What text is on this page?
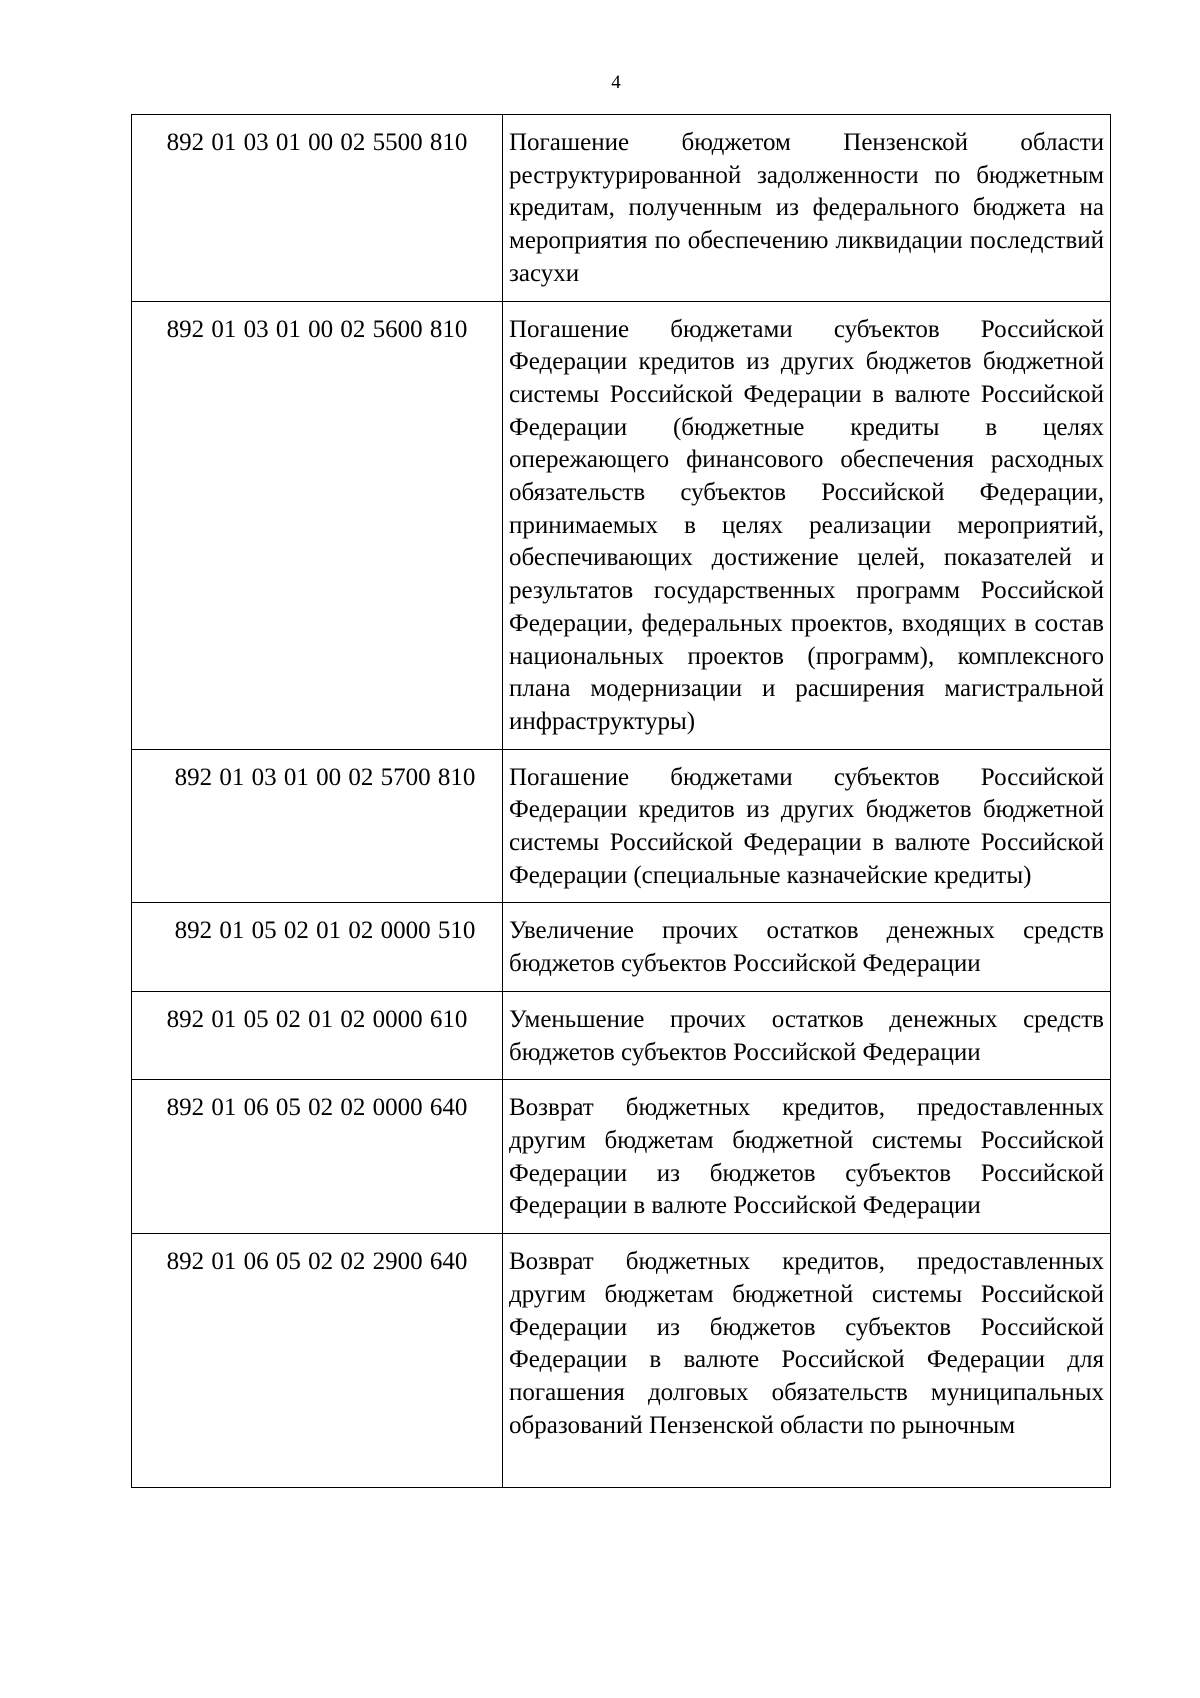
4
892 01 03 01 00 02 5500 810	Погашение бюджетом Пензенской области реструктурированной задолженности по бюджетным кредитам, полученным из федерального бюджета на мероприятия по обеспечению ликвидации последствий засухи
892 01 03 01 00 02 5600 810	Погашение бюджетами субъектов Российской Федерации кредитов из других бюджетов бюджетной системы Российской Федерации в валюте Российской Федерации (бюджетные кредиты в целях опережающего финансового обеспечения расходных обязательств субъектов Российской Федерации, принимаемых в целях реализации мероприятий, обеспечивающих достижение целей, показателей и результатов государственных программ Российской Федерации, федеральных проектов, входящих в состав национальных проектов (программ), комплексного плана модернизации и расширения магистральной инфраструктуры)
892 01 03 01 00 02 5700 810	Погашение бюджетами субъектов Российской Федерации кредитов из других бюджетов бюджетной системы Российской Федерации в валюте Российской Федерации (специальные казначейские кредиты)
892 01 05 02 01 02 0000 510	Увеличение прочих остатков денежных средств бюджетов субъектов Российской Федерации
892 01 05 02 01 02 0000 610	Уменьшение прочих остатков денежных средств бюджетов субъектов Российской Федерации
892 01 06 05 02 02 0000 640	Возврат бюджетных кредитов, предоставленных другим бюджетам бюджетной системы Российской Федерации из бюджетов субъектов Российской Федерации в валюте Российской Федерации
892 01 06 05 02 02 2900 640	Возврат бюджетных кредитов, предоставленных другим бюджетам бюджетной системы Российской Федерации из бюджетов субъектов Российской Федерации в валюте Российской Федерации для погашения долговых обязательств муниципальных образований Пензенской области по рыночным
